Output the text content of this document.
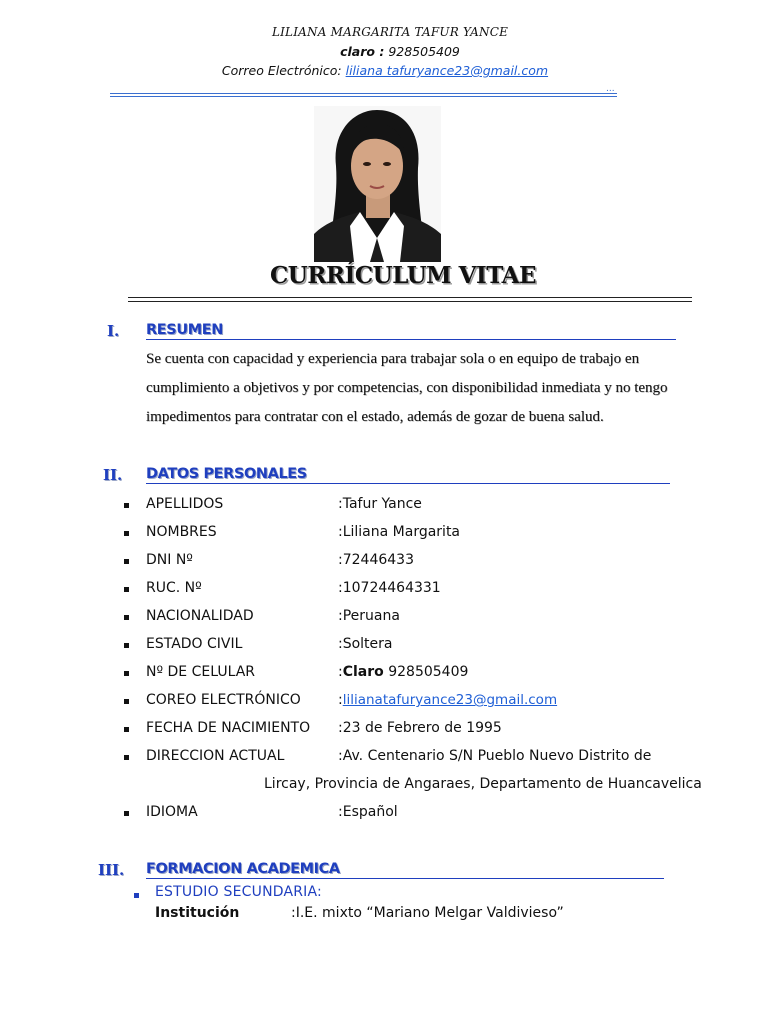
LILIANA MARGARITA TAFUR YANCE
claro : 928505409
Correo Electrónico: liliana tafuryance23@gmail.com
...
CURRÍCULUM VITAE
I. RESUMEN
Se cuenta con capacidad y experiencia para trabajar sola o en equipo de trabajo en
cumplimiento a objetivos y por competencias, con disponibilidad inmediata y no tengo
impedimentos para contratar con el estado, además de gozar de buena salud.
II. DATOS PERSONALES
APELLIDOS	:Tafur Yance
NOMBRES	:Liliana Margarita
DNI Nº	:72446433
RUC. Nº	:10724464331
NACIONALIDAD	:Peruana
ESTADO CIVIL	:Soltera
Nº DE CELULAR	:Claro 928505409
COREO ELECTRÓNICO	:lilianatafuryance23@gmail.com
FECHA DE NACIMIENTO :23 de Febrero de 1995
DIRECCION ACTUAL	:Av. Centenario S/N Pueblo Nuevo Distrito de
Lircay, Provincia de Angaraes, Departamento de Huancavelica
IDIOMA	:Español
III. FORMACION ACADEMICA
ESTUDIO SECUNDARIA:
Institución	:I.E. mixto “Mariano Melgar Valdivieso”
